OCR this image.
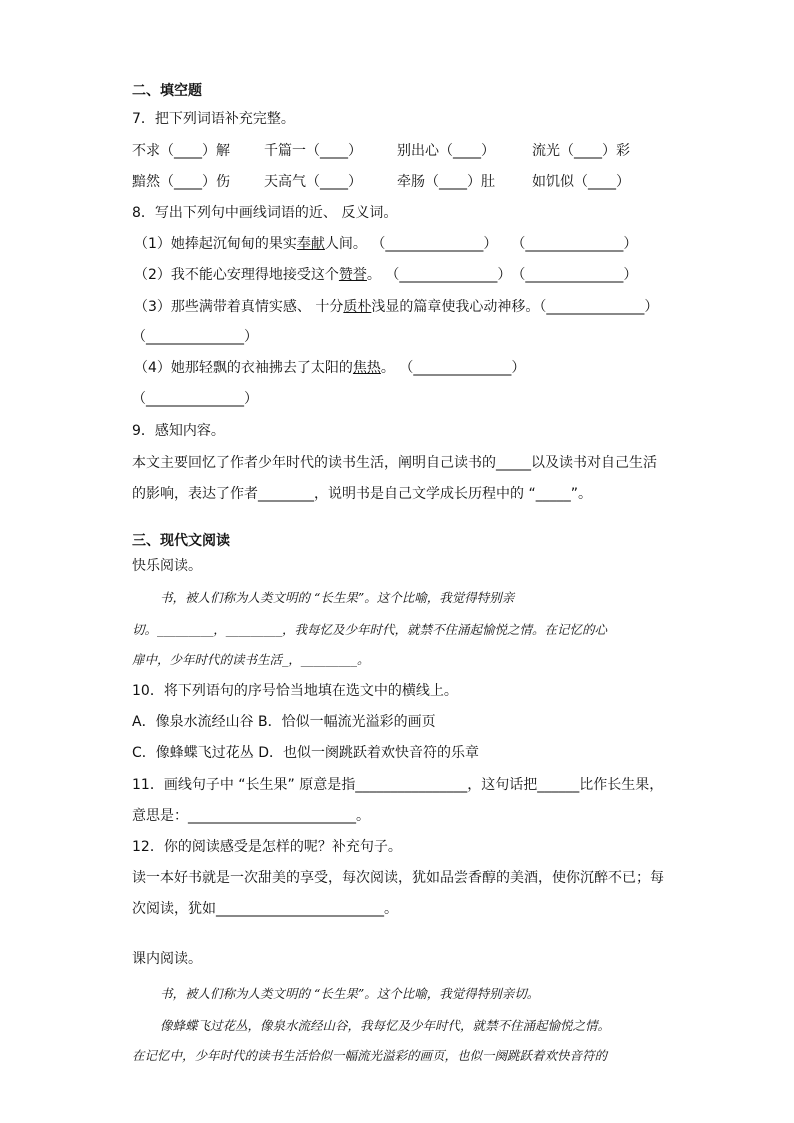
二、填空题
7．把下列词语补充完整。
不求（____）解 千篇一（____）	别出心（____）	流光（____）彩
黯然（____）伤 天高气（____）	牵肠（____）肚	如饥似（____）
8．写出下列句中画线词语的近、 反义词。
（1）她捧起沉甸甸的果实奉献人间。 （______________）　　（______________）
（2）我不能心安理得地接受这个赞誉。 （______________）　（______________）
（3）那些满带着真情实感、 十分质朴浅显的篇章使我心动神移。（______________）
（______________）
（4）她那轻飘的衣袖拂去了太阳的焦热。 （______________）
（______________）
9．感知内容。
本文主要回忆了作者少年时代的读书生活，阐明自己读书的_____以及读书对自己生活
的影响，表达了作者________，说明书是自己文学成长历程中的 “_____”。
三、现代文阅读
快乐阅读。
书，被人们称为人类文明的 “长生果”。这个比喻，我觉得特别亲
切。_________，_________，我每忆及少年时代，就禁不住涌起愉悦之情。在记忆的心
扉中，少年时代的读书生活_，_________。
10．将下列语句的序号恰当地填在选文中的横线上。
A．像泉水流经山谷 B．恰似一幅流光溢彩的画页
C．像蜂蝶飞过花丛 D．也似一阕跳跃着欢快音符的乐章
11．画线句子中 “长生果” 原意是指________________，这句话把______比作长生果，
意思是：________________________。
12．你的阅读感受是怎样的呢？补充句子。
读一本好书就是一次甜美的享受，每次阅读，犹如品尝香醇的美酒，使你沉醉不已；每
次阅读，犹如________________________。
课内阅读。
书，被人们称为人类文明的 “长生果”。这个比喻，我觉得特别亲切。
像蜂蝶飞过花丛，像泉水流经山谷，我每忆及少年时代，就禁不住涌起愉悦之情。
在记忆中，少年时代的读书生活恰似一幅流光溢彩的画页，也似一阕跳跃着欢快音符的
